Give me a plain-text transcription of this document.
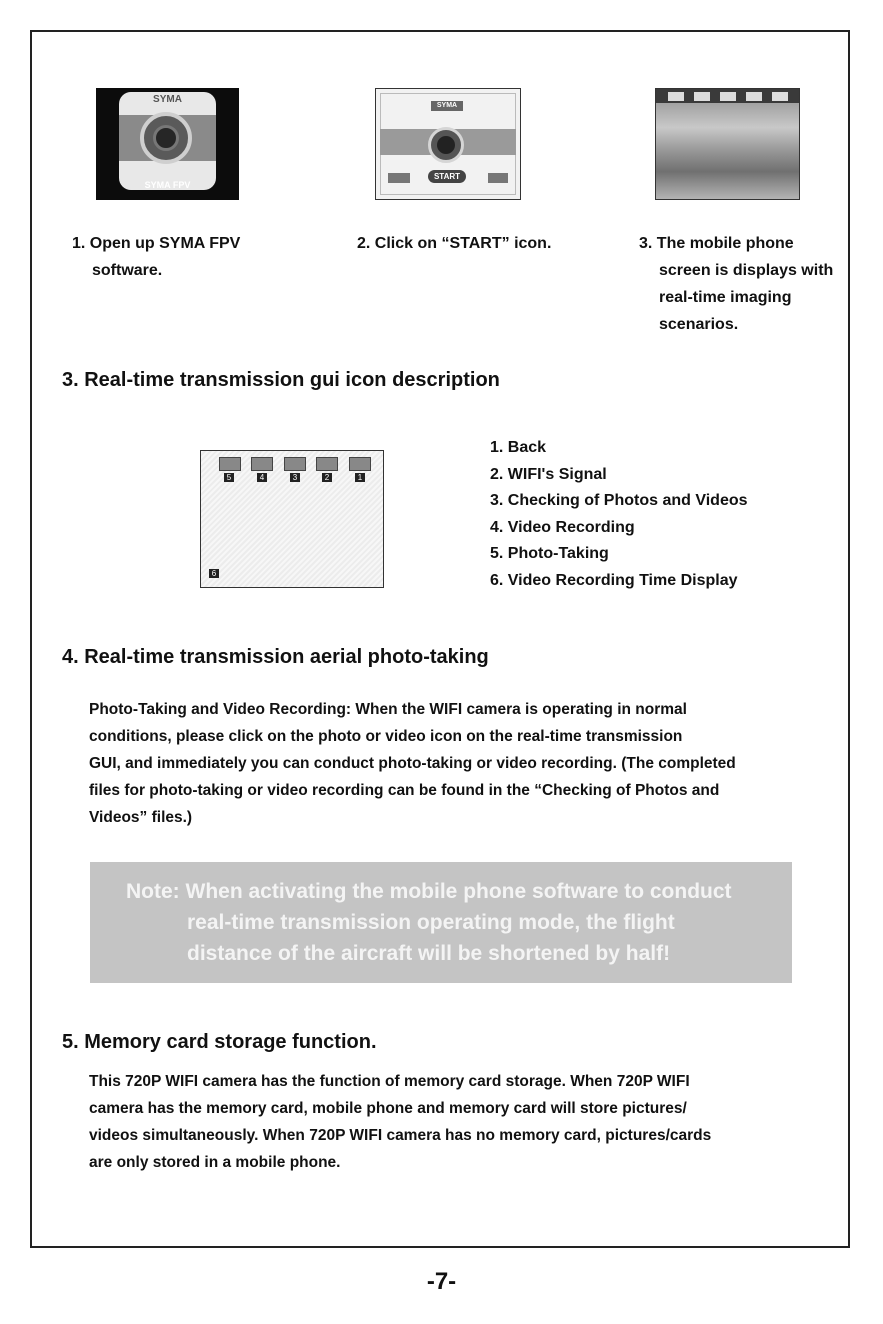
SYMA
SYMA FPV
SYMA
START
1. Open up SYMA FPV software.
2. Click on “START” icon.	3. The mobile phone screen is displays with real-time imaging scenarios.
3. Real-time transmission gui icon description
5	4	3	2	1
6
1. Back
2. WIFI's Signal
3. Checking of Photos and Videos
4. Video Recording
5. Photo-Taking
6. Video Recording Time Display
4. Real-time transmission aerial photo-taking
Photo-Taking and Video Recording: When the WIFI camera is operating in normal
conditions, please click on the photo or video icon on the real-time transmission
GUI, and immediately you can conduct photo-taking or video recording. (The completed
files for photo-taking or video recording can be found in the “Checking of Photos and
Videos” files.)
Note: When activating the mobile phone software to conduct
real-time transmission operating mode, the flight
distance of the aircraft will be shortened by half!
5. Memory card storage function.
This 720P WIFI camera has the function of memory card storage. When 720P WIFI
camera has the memory card, mobile phone and memory card will store pictures/
videos simultaneously. When 720P WIFI camera has no memory card, pictures/cards
are only stored in a mobile phone.
-7-
